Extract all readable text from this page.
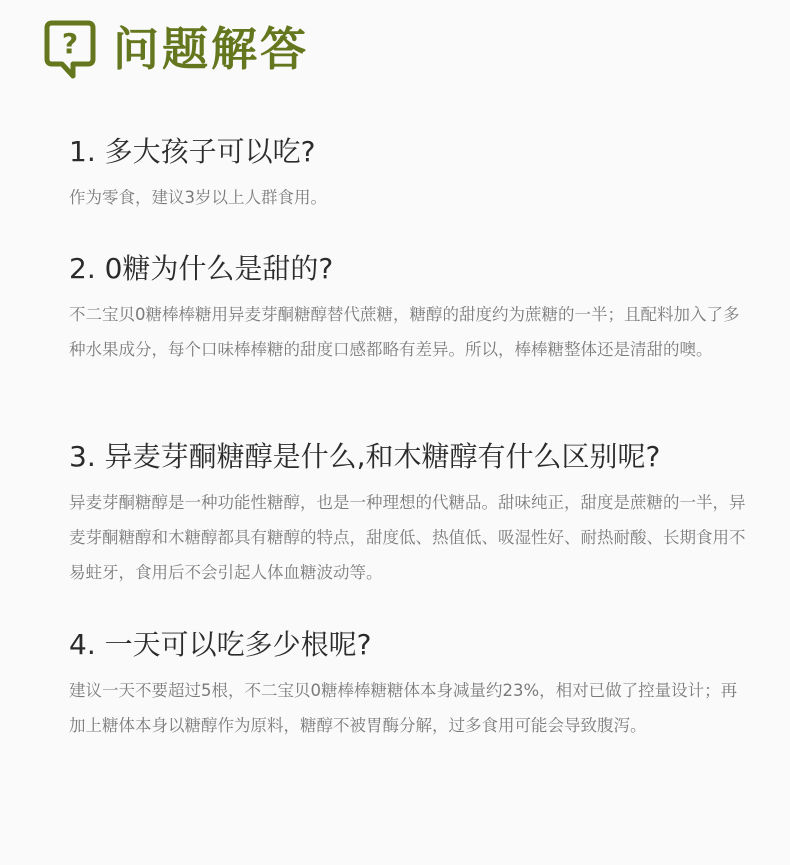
? 问题解答
1. 多大孩子可以吃?

作为零食，建议3岁以上人群食用。

2. 0糖为什么是甜的?

不二宝贝0糖棒棒糖用异麦芽酮糖醇替代蔗糖，糖醇的甜度约为蔗糖的一半；且配料加入了多种水果成分，每个口味棒棒糖的甜度口感都略有差异。所以，棒棒糖整体还是清甜的噢。

3. 异麦芽酮糖醇是什么,和木糖醇有什么区别呢?

异麦芽酮糖醇是一种功能性糖醇，也是一种理想的代糖品。甜味纯正，甜度是蔗糖的一半，异麦芽酮糖醇和木糖醇都具有糖醇的特点，甜度低、热值低、吸湿性好、耐热耐酸、长期食用不易蛀牙，食用后不会引起人体血糖波动等。

4. 一天可以吃多少根呢?

建议一天不要超过5根，不二宝贝0糖棒棒糖糖体本身减量约23%，相对已做了控量设计；再加上糖体本身以糖醇作为原料，糖醇不被胃酶分解，过多食用可能会导致腹泻。
